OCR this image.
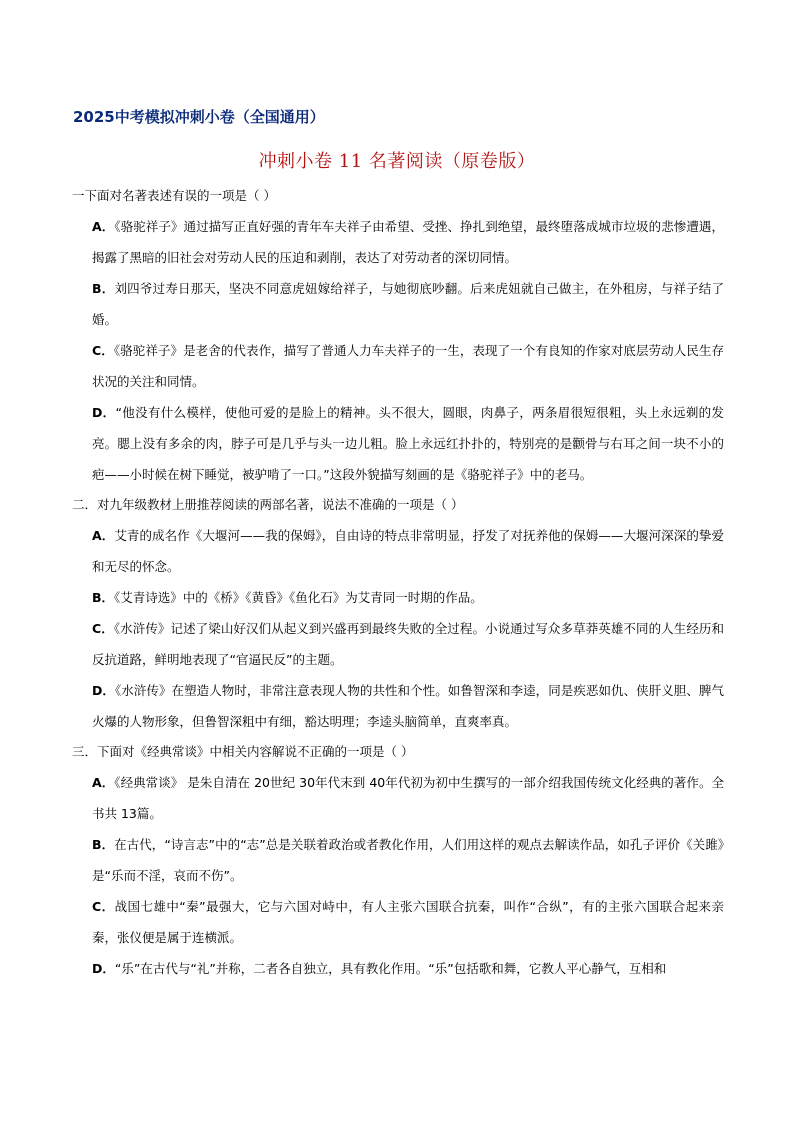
2025中考模拟冲刺小卷（全国通用）
冲刺小卷 11 名著阅读（原卷版）

一下面对名著表述有误的一项是（ ）

A．《骆驼祥子》通过描写正直好强的青年车夫祥子由希望、受挫、挣扎到绝望，最终堕落成城市垃圾的悲惨遭遇，揭露了黑暗的旧社会对劳动人民的压迫和剥削，表达了对劳动者的深切同情。

B．刘四爷过寿日那天，坚决不同意虎妞嫁给祥子，与她彻底吵翻。后来虎妞就自己做主，在外租房，与祥子结了婚。

C．《骆驼祥子》是老舍的代表作，描写了普通人力车夫祥子的一生，表现了一个有良知的作家对底层劳动人民生存状况的关注和同情。

D．“他没有什么模样，使他可爱的是脸上的精神。头不很大，圆眼，肉鼻子，两条眉很短很粗，头上永远剃的发亮。腮上没有多余的肉，脖子可是几乎与头一边儿粗。脸上永远红扑扑的，特别亮的是颧骨与右耳之间一块不小的疤——小时候在树下睡觉，被驴啃了一口。”这段外貌描写刻画的是《骆驼祥子》中的老马。

二．对九年级教材上册推荐阅读的两部名著，说法不准确的一项是（ ）

A．艾青的成名作《大堰河——我的保姆》，自由诗的特点非常明显，抒发了对抚养他的保姆——大堰河深深的挚爱和无尽的怀念。

B．《艾青诗选》中的《桥》《黄昏》《鱼化石》为艾青同一时期的作品。

C．《水浒传》记述了梁山好汉们从起义到兴盛再到最终失败的全过程。小说通过写众多草莽英雄不同的人生经历和反抗道路，鲜明地表现了“官逼民反”的主题。

D．《水浒传》在塑造人物时，非常注意表现人物的共性和个性。如鲁智深和李逵，同是疾恶如仇、侠肝义胆、脾气火爆的人物形象，但鲁智深粗中有细，豁达明理；李逵头脑简单，直爽率真。

三．下面对《经典常谈》中相关内容解说不正确的一项是（ ）

A．《经典常谈》 是朱自清在 20世纪 30年代末到 40年代初为初中生撰写的一部介绍我国传统文化经典的著作。全书共 13篇。

B．在古代，“诗言志”中的“志”总是关联着政治或者教化作用，人们用这样的观点去解读作品，如孔子评价《关雎》是“乐而不淫，哀而不伤”。

C．战国七雄中“秦”最强大，它与六国对峙中，有人主张六国联合抗秦，叫作“合纵”，有的主张六国联合起来亲秦，张仪便是属于连横派。

D．“乐”在古代与“礼”并称，二者各自独立，具有教化作用。“乐”包括歌和舞，它教人平心静气，互相和
